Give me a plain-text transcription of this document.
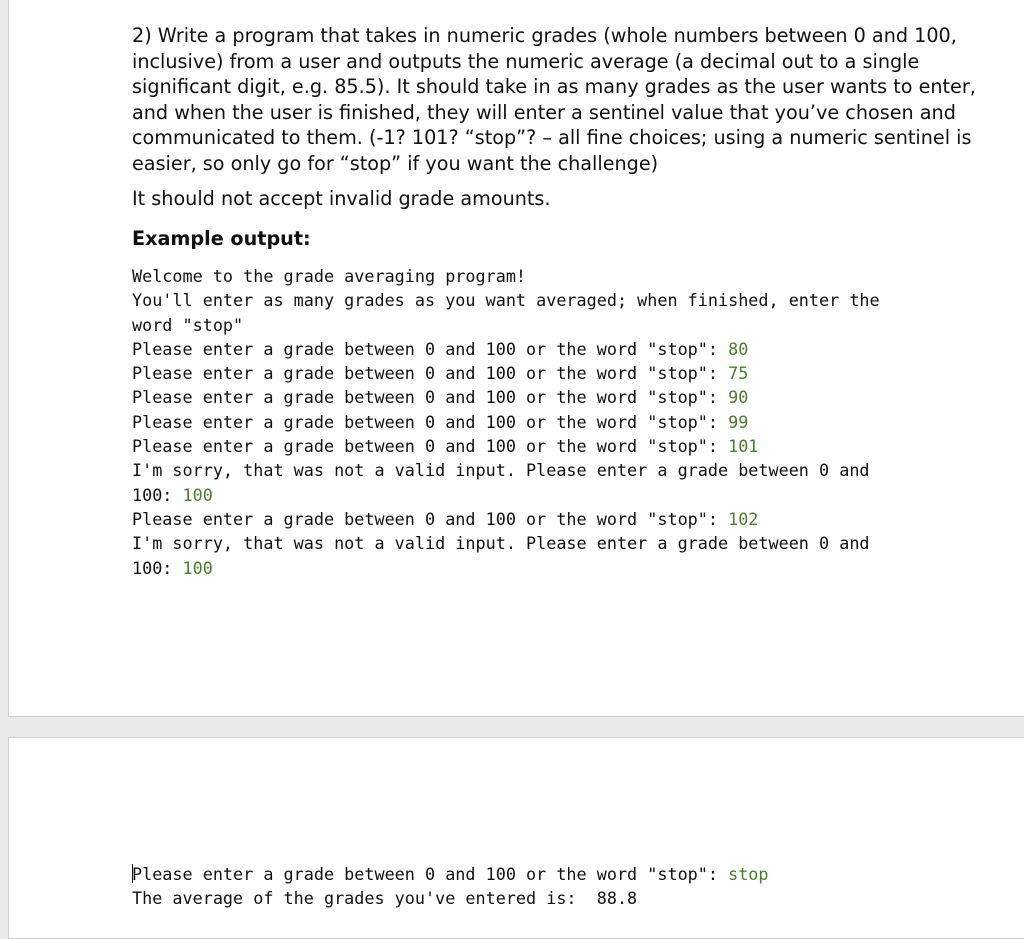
2) Write a program that takes in numeric grades (whole numbers between 0 and 100, inclusive) from a user and outputs the numeric average (a decimal out to a single significant digit, e.g. 85.5). It should take in as many grades as the user wants to enter, and when the user is finished, they will enter a sentinel value that you’ve chosen and communicated to them. (-1? 101? “stop”? – all fine choices; using a numeric sentinel is easier, so only go for “stop” if you want the challenge)

It should not accept invalid grade amounts.

Example output:

Welcome to the grade averaging program!
You'll enter as many grades as you want averaged; when finished, enter the
word "stop"
Please enter a grade between 0 and 100 or the word "stop": 80
Please enter a grade between 0 and 100 or the word "stop": 75
Please enter a grade between 0 and 100 or the word "stop": 90
Please enter a grade between 0 and 100 or the word "stop": 99
Please enter a grade between 0 and 100 or the word "stop": 101
I'm sorry, that was not a valid input. Please enter a grade between 0 and
100: 100
Please enter a grade between 0 and 100 or the word "stop": 102
I'm sorry, that was not a valid input. Please enter a grade between 0 and
100: 100
Please enter a grade between 0 and 100 or the word "stop": stop
The average of the grades you've entered is:  88.8
